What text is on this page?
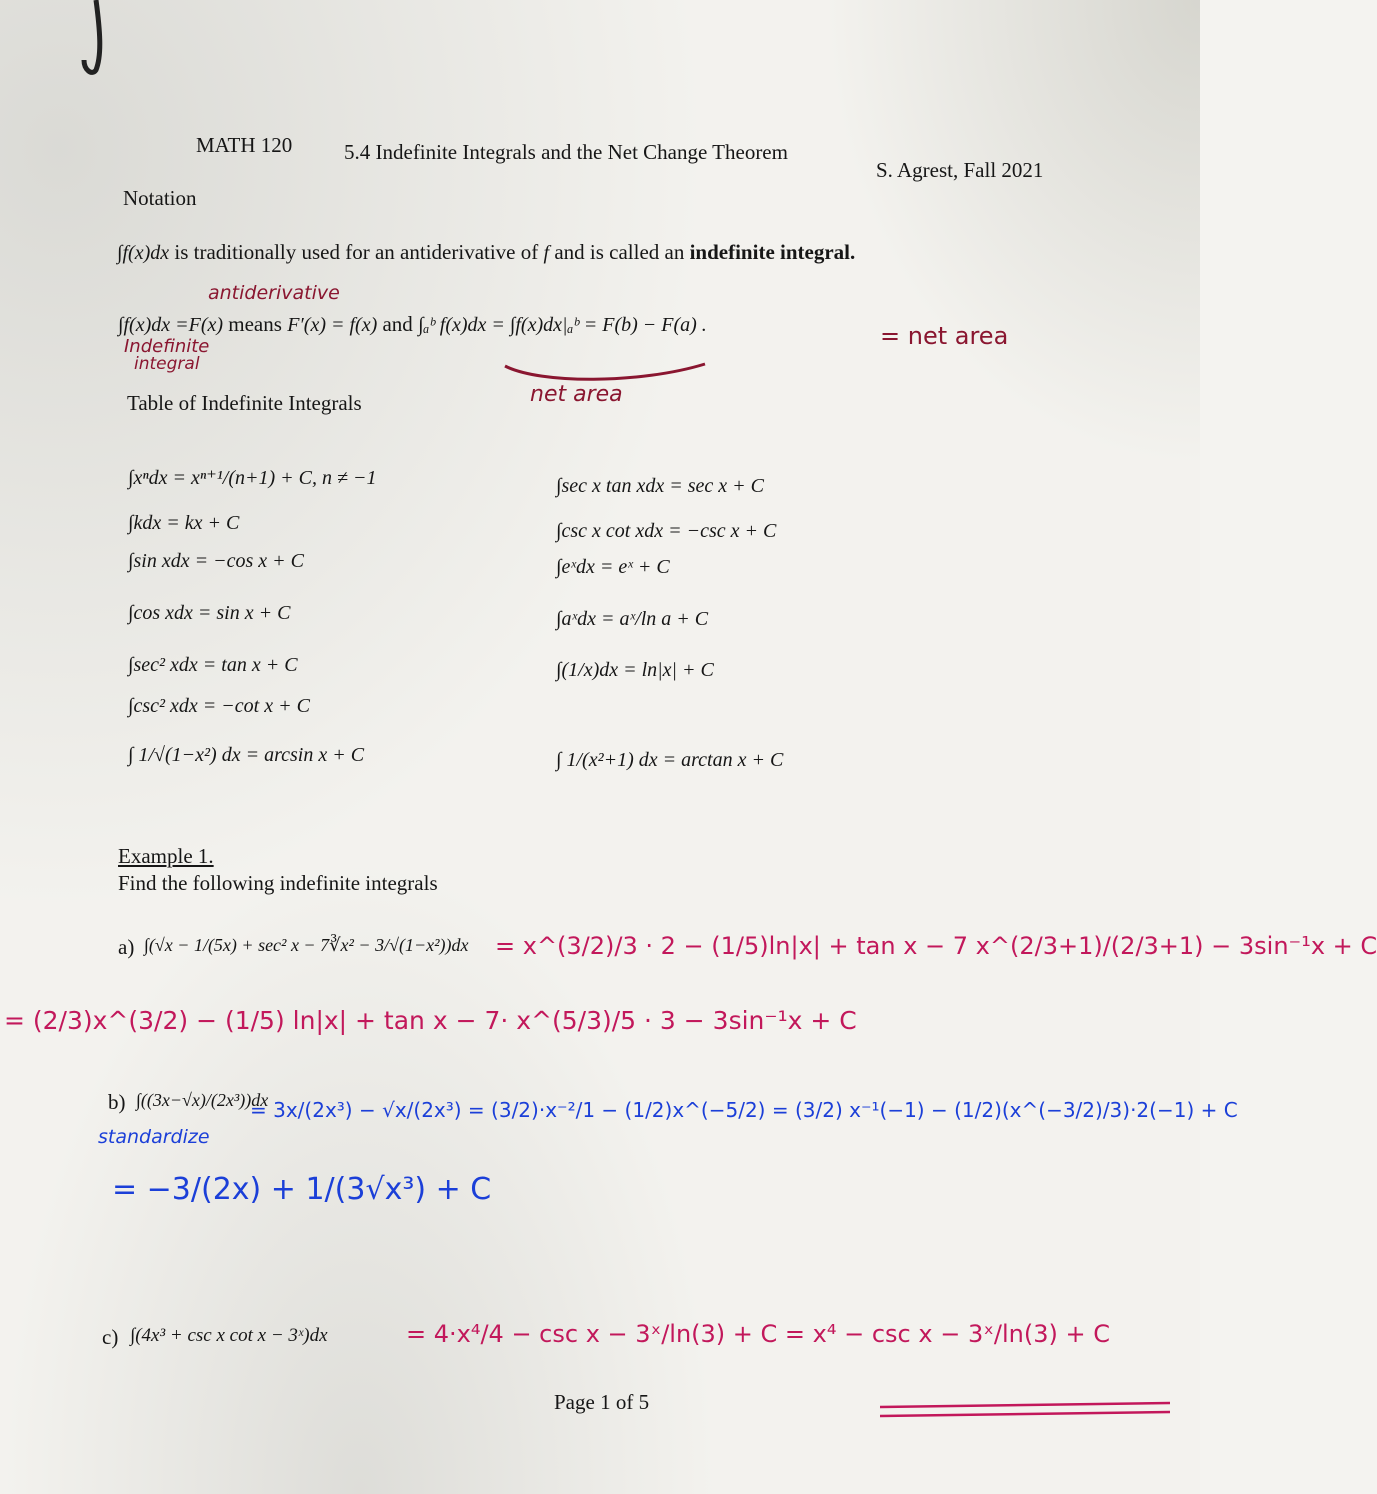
MATH 120 5.4 Indefinite Integrals and the Net Change Theorem
S. Agrest, Fall 2021
Notation
∫f(x)dx is traditionally used for an antiderivative of f and is called an indefinite integral.
antiderivative
∫f(x)dx =F(x) means F′(x) = f(x) and ∫ₐᵇ f(x)dx = ∫f(x)dx|ₐᵇ = F(b) − F(a) .	= net area
Indefinite
integral
net area
Table of Indefinite Integrals
∫xⁿdx = xⁿ⁺¹/(n+1) + C, n ≠ −1
∫kdx = kx + C
∫sin xdx = −cos x + C
∫cos xdx = sin x + C
∫sec² xdx = tan x + C
∫csc² xdx = −cot x + C
∫ 1/√(1−x²) dx = arcsin x + C
∫sec x tan xdx = sec x + C
∫csc x cot xdx = −csc x + C
∫eˣdx = eˣ + C
∫aˣdx = aˣ/ln a + C
∫(1/x)dx = ln|x| + C
∫ 1/(x²+1) dx = arctan x + C
Example 1.
Find the following indefinite integrals
a) ∫(√x − 1/(5x) + sec² x − 7∛x² − 3/√(1−x²))dx = x^(3/2)/3 · 2 − (1/5)ln|x| + tan x − 7 x^(2/3+1)/(2/3+1) − 3sin⁻¹x + C
= (2/3)x^(3/2) − (1/5) ln|x| + tan x − 7· x^(5/3)/5 · 3 − 3sin⁻¹x + C
b) ∫((3x−√x)/(2x³))dx
standardize
= 3x/(2x³) − √x/(2x³) = (3/2)·x⁻²/1 − (1/2)x^(−5/2) = (3/2) x⁻¹(−1) − (1/2)(x^(−3/2)/3)·2(−1) + C
= −3/(2x) + 1/(3√x³) + C
c) ∫(4x³ + csc x cot x − 3ˣ)dx	= 4·x⁴/4 − csc x − 3ˣ/ln(3) + C = x⁴ − csc x − 3ˣ/ln(3) + C
Page 1 of 5
